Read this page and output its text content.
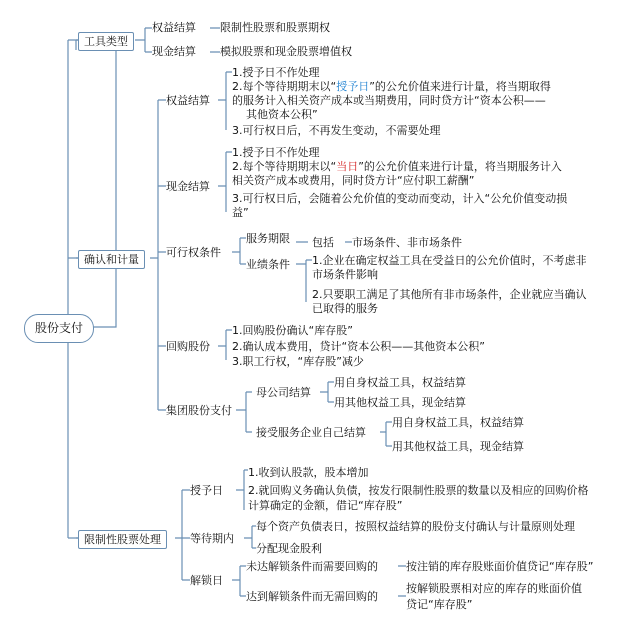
股份支付
工具类型
权益结算 限制性股票和股票期权
现金结算 模拟股票和现金股票增值权
确认和计量
权益结算
1.授予日不作处理
2.每个等待期期末以“授予日”的公允价值来进行计量，将当期取得
的服务计入相关资产成本或当期费用，同时贷方计“资本公积——
其他资本公积”
3.可行权日后，不再发生变动，不需要处理
现金结算
1.授予日不作处理
2.每个等待期期末以“当日”的公允价值来进行计量，将当期服务计入
相关资产成本或费用，同时贷方计“应付职工薪酬”
3.可行权日后，会随着公允价值的变动而变动，计入“公允价值变动损
益”
可行权条件
服务期限 包括 市场条件、非市场条件
业绩条件 1.企业在确定权益工具在受益日的公允价值时，不考虑非
市场条件影响
2.只要职工满足了其他所有非市场条件，企业就应当确认
已取得的服务
回购股份
1.回购股份确认“库存股”
2.确认成本费用，贷计“资本公积——其他资本公积”
3.职工行权，“库存股”减少
集团股份支付
母公司结算
用自身权益工具，权益结算
用其他权益工具，现金结算
接受服务企业自己结算
用自身权益工具，权益结算
用其他权益工具，现金结算
限制性股票处理
授予日
1.收到认股款，股本增加
2.就回购义务确认负债，按发行限制性股票的数量以及相应的回购价格
计算确定的金额，借记“库存股”
等待期内
每个资产负债表日，按照权益结算的股份支付确认与计量原则处理
分配现金股利
解锁日
未达解锁条件而需要回购的	按注销的库存股账面价值贷记“库存股”
达到解锁条件而无需回购的
按解锁股票相对应的库存的账面价值
贷记“库存股”
